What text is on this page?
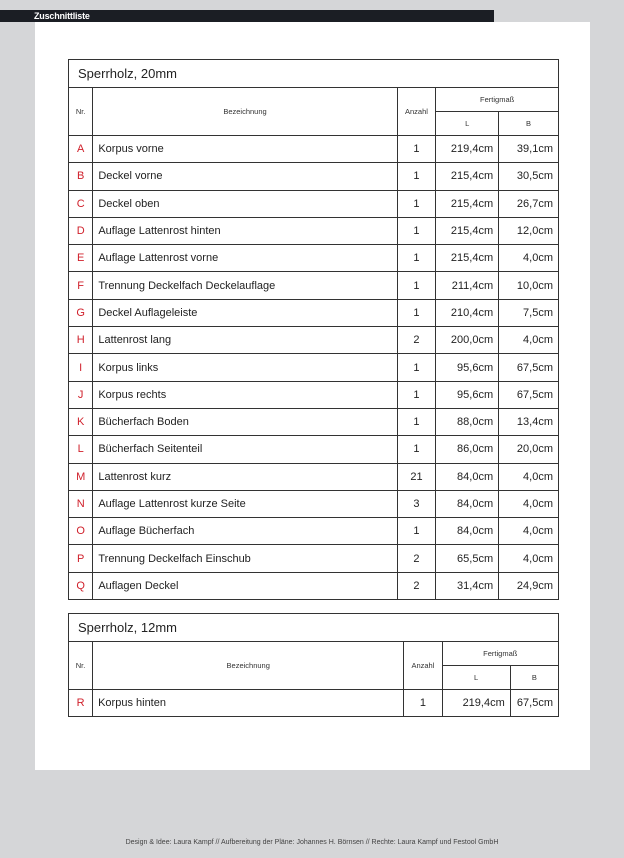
Zuschnittliste
Sperrholz, 20mm				
Nr.	Bezeichnung	Anzahl	Fertigmaß	
			L	B
A	Korpus vorne	1	219,4cm	39,1cm
B	Deckel vorne	1	215,4cm	30,5cm
C	Deckel oben	1	215,4cm	26,7cm
D	Auflage Lattenrost hinten	1	215,4cm	12,0cm
E	Auflage Lattenrost vorne	1	215,4cm	4,0cm
F	Trennung Deckelfach Deckelauflage	1	211,4cm	10,0cm
G	Deckel Auflageleiste	1	210,4cm	7,5cm
H	Lattenrost lang	2	200,0cm	4,0cm
I	Korpus links	1	95,6cm	67,5cm
J	Korpus rechts	1	95,6cm	67,5cm
K	Bücherfach Boden	1	88,0cm	13,4cm
L	Bücherfach Seitenteil	1	86,0cm	20,0cm
M	Lattenrost kurz	21	84,0cm	4,0cm
N	Auflage Lattenrost kurze Seite	3	84,0cm	4,0cm
O	Auflage Bücherfach	1	84,0cm	4,0cm
P	Trennung Deckelfach Einschub	2	65,5cm	4,0cm
Q	Auflagen Deckel	2	31,4cm	24,9cm
Sperrholz, 12mm				
Nr.	Bezeichnung	Anzahl	Fertigmaß	
			L	B
R	Korpus hinten	1	219,4cm	67,5cm
Design & Idee: Laura Kampf // Aufbereitung der Pläne: Johannes H. Börnsen // Rechte: Laura Kampf und Festool GmbH
